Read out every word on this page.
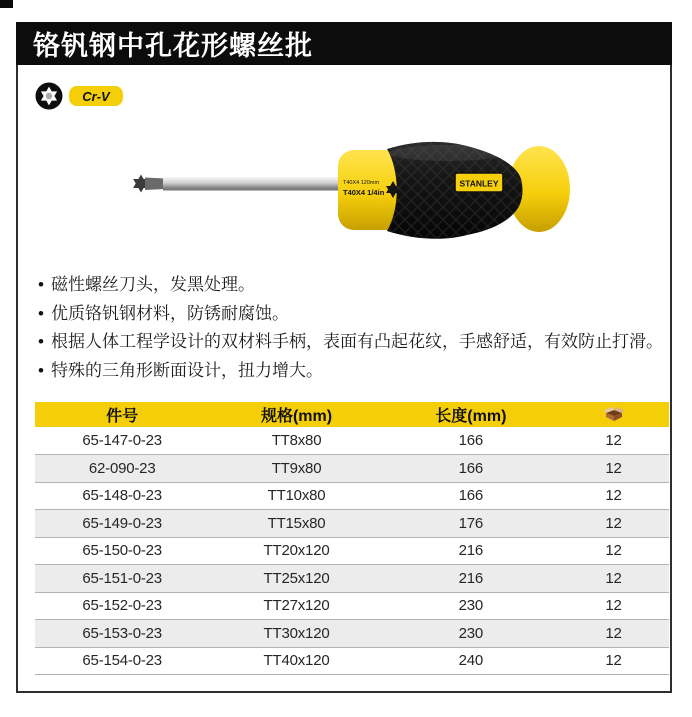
铬钒钢中孔花形螺丝批
Cr-V
T40X4 120mm
T40X4 1/4in
STANLEY
• 磁性螺丝刀头，发黑处理。
• 优质铬钒钢材料，防锈耐腐蚀。
• 根据人体工程学设计的双材料手柄，表面有凸起花纹，手感舒适，有效防止打滑。
• 特殊的三角形断面设计，扭力增大。
件号	规格(mm)	长度(mm)	
65-147-0-23	TT8x80	166	12
62-090-23	TT9x80	166	12
65-148-0-23	TT10x80	166	12
65-149-0-23	TT15x80	176	12
65-150-0-23	TT20x120	216	12
65-151-0-23	TT25x120	216	12
65-152-0-23	TT27x120	230	12
65-153-0-23	TT30x120	230	12
65-154-0-23	TT40x120	240	12
